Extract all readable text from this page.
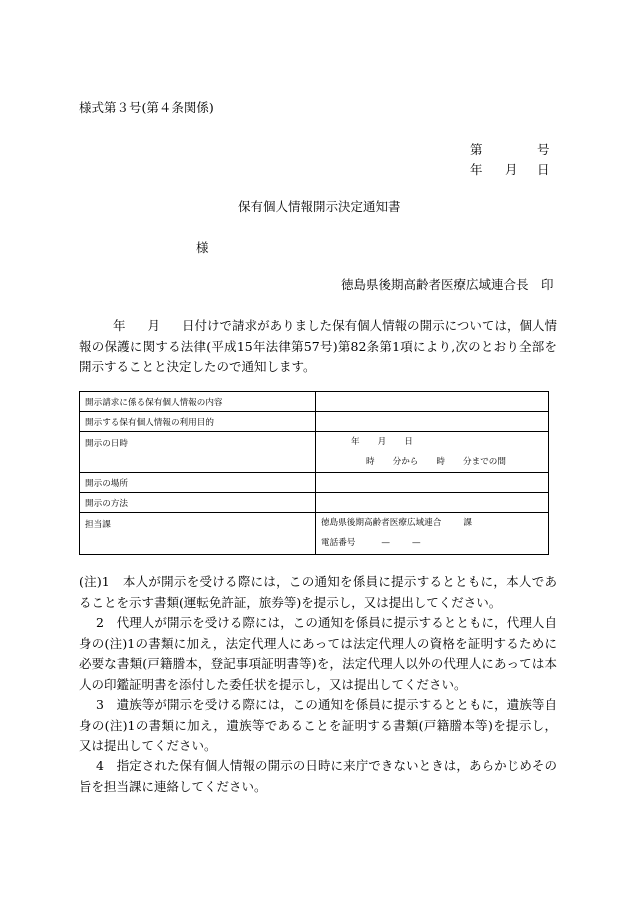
様式第３号(第４条関係)
第	号
年 月 日
保有個人情報開示決定通知書
様
徳島県後期高齢者医療広域連合長　印
年 月 日付けで請求がありました保有個人情報の開示については，個人情報の保護に関する法律(平成15年法律第57号)第82条第1項により,次のとおり全部を開示することと決定したので通知します。
開示請求に係る保有個人情報の内容	
開示する保有個人情報の利用目的	
開示の日時	年 月 日
時 分から 時 分までの間

開示の場所	
開示の方法	
担当課	徳島県後期高齢者医療広域連合 課
電話番号 — —
(注)1　本人が開示を受ける際には，この通知を係員に提示するとともに，本人であることを示す書類(運転免許証，旅券等)を提示し，又は提出してください。
2　代理人が開示を受ける際には，この通知を係員に提示するとともに，代理人自身の(注)1の書類に加え，法定代理人にあっては法定代理人の資格を証明するために必要な書類(戸籍謄本，登記事項証明書等)を，法定代理人以外の代理人にあっては本人の印鑑証明書を添付した委任状を提示し，又は提出してください。
3　遺族等が開示を受ける際には，この通知を係員に提示するとともに，遺族等自身の(注)1の書類に加え，遺族等であることを証明する書類(戸籍謄本等)を提示し，又は提出してください。
4　指定された保有個人情報の開示の日時に来庁できないときは，あらかじめその旨を担当課に連絡してください。
